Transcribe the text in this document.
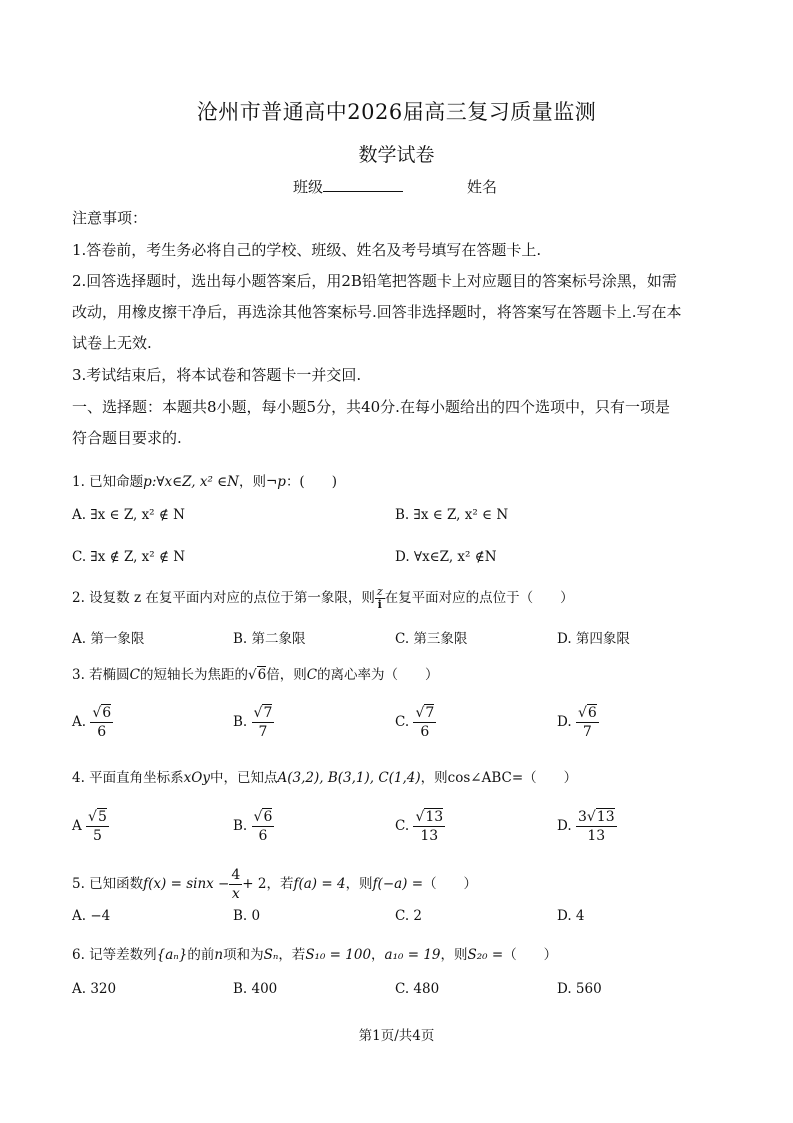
沧州市普通高中2026届高三复习质量监测
数学试卷
班级	姓名
注意事项：
1.答卷前，考生务必将自己的学校、班级、姓名及考号填写在答题卡上.
2.回答选择题时，选出每小题答案后，用2B铅笔把答题卡上对应题目的答案标号涂黑，如需
改动，用橡皮擦干净后，再选涂其他答案标号.回答非选择题时，将答案写在答题卡上.写在本
试卷上无效.
3.考试结束后，将本试卷和答题卡一并交回.
一、选择题：本题共8小题，每小题5分，共40分.在每小题给出的四个选项中，只有一项是
符合题目要求的.
1. 已知命题p:∀x∈Z, x² ∈N，则¬p：(　　)
A. ∃x ∈ Z, x² ∉ N	B. ∃x ∈ Z, x² ∈ N
C. ∃x ∉ Z, x² ∉ N	D. ∀x∈Z, x² ∉N
2. 设复数 z 在复平面内对应的点位于第一象限，则 $\frac{z}{i}$ 在复平面对应的点位于（　　）
A. 第一象限	B. 第二象限	C. 第三象限	D. 第四象限
3. 若椭圆C的短轴长为焦距的√6倍，则C的离心率为（　　）
A. $\frac{√6}{6}$	B. $\frac{√7}{7}$	C. $\frac{√7}{6}$	D. $\frac{√6}{7}$
4. 平面直角坐标系xOy中，已知点A(3,2), B(3,1), C(1,4)，则cos∠ABC=（　　）
A $\frac{√5}{5}$	B. $\frac{√6}{6}$	C. $\frac{√13}{13}$	D. $\frac{3√13}{13}$
5. 已知函数$f(x) = \sin x - \frac{4}{x} + 2$，若f(a) = 4，则f(−a) =（　　）
A. −4	B. 0	C. 2	D. 4
6. 记等差数列{aₙ}的前n项和为Sₙ，若S₁₀ = 100，a₁₀ = 19，则S₂₀ =（　　）
A. 320	B. 400	C. 480	D. 560
第1页/共4页
